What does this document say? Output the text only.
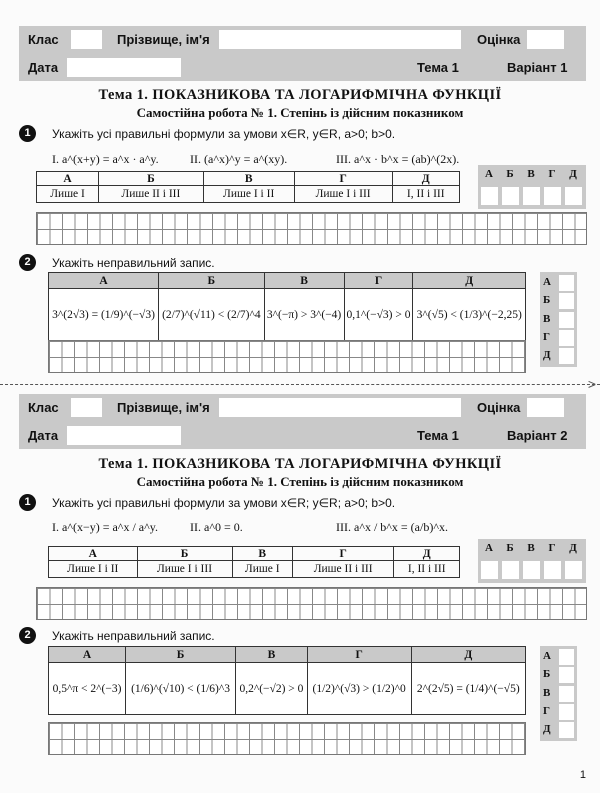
Клас	Прізвище, ім'я	Оцінка
Дата	Тема 1	Варіант 1
Тема 1. ПОКАЗНИКОВА ТА ЛОГАРИФМІЧНА ФУНКЦІЇ
Самостійна робота № 1. Степінь із дійсним показником
1	Укажіть усі правильні формули за умови x∈R, y∈R, a>0; b>0.
I. a^(x+y) = a^x · a^y.	II. (a^x)^y = a^(xy).	III. a^x · b^x = (ab)^(2x).
А	Б	В	Г	Д
Лише I	Лише II і III	Лише I і II	Лише I і III	I, II і III
А	Б	В	Г	Д
2	Укажіть неправильний запис.
А	Б	В	Г	Д
3^(2√3) = (1/9)^(−√3)	(2/7)^(√11) < (2/7)^4	3^(−π) > 3^(−4)	0,1^(−√3) > 0	3^(√5) < (1/3)^(−2,25)
А
Б
В
Г
Д
>
Клас	Прізвище, ім'я	Оцінка
Дата	Тема 1	Варіант 2
Тема 1. ПОКАЗНИКОВА ТА ЛОГАРИФМІЧНА ФУНКЦІЇ
Самостійна робота № 1. Степінь із дійсним показником
1	Укажіть усі правильні формули за умови x∈R; y∈R; a>0; b>0.
I. a^(x−y) = a^x / a^y.	II. a^0 = 0.	III. a^x / b^x = (a/b)^x.
А	Б	В	Г	Д
Лише I і II	Лише I і III	Лише I	Лише II і III	I, II і III
А	Б	В	Г	Д
2	Укажіть неправильний запис.
А	Б	В	Г	Д
0,5^π < 2^(−3)	(1/6)^(√10) < (1/6)^3	0,2^(−√2) > 0	(1/2)^(√3) > (1/2)^0	2^(2√5) = (1/4)^(−√5)
А
Б
В
Г
Д
1
